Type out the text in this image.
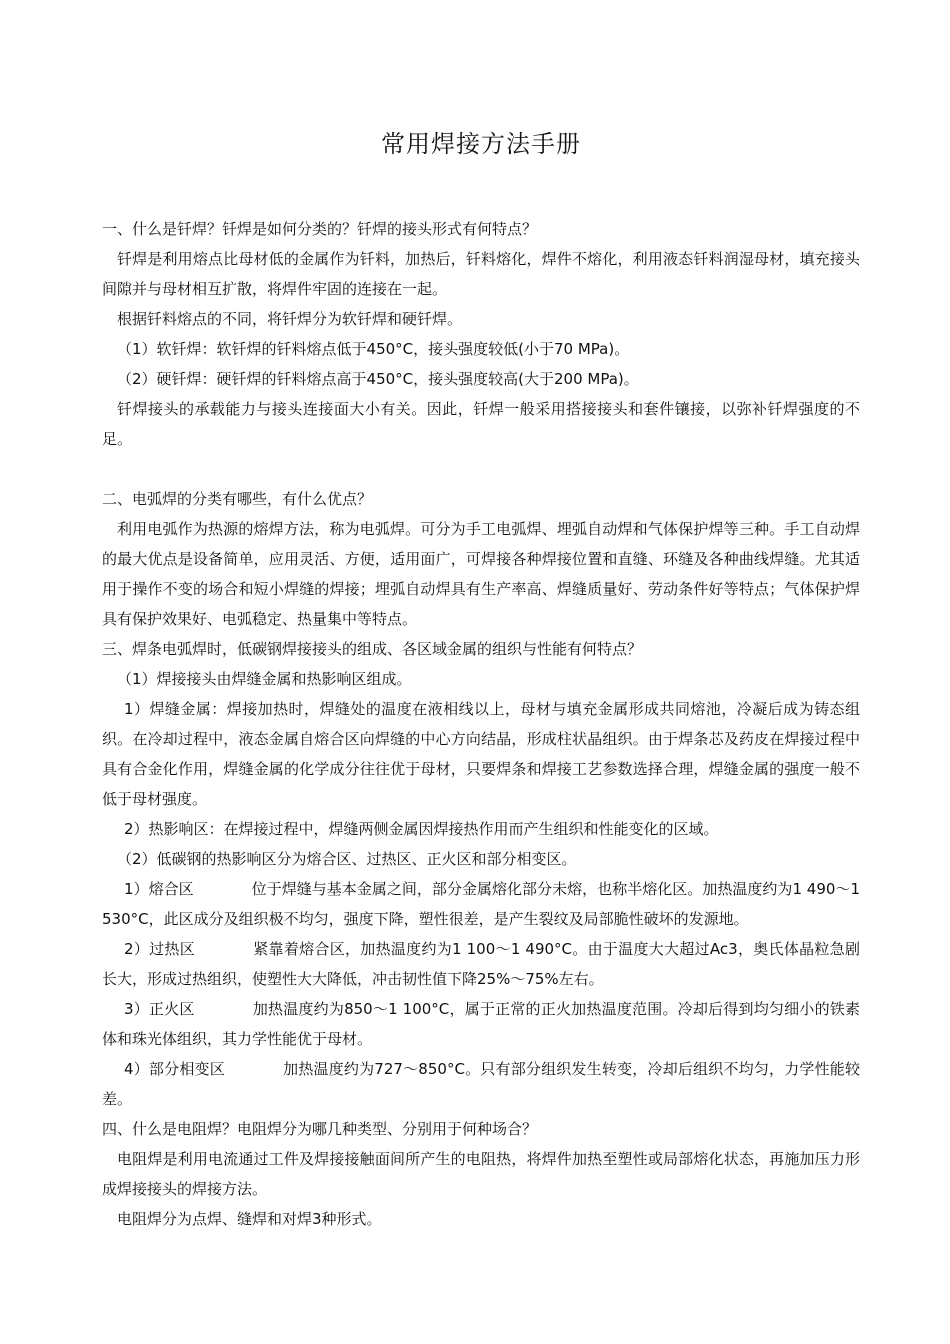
常用焊接方法手册

一、什么是钎焊？钎焊是如何分类的？钎焊的接头形式有何特点？

钎焊是利用熔点比母材低的金属作为钎料，加热后，钎料熔化，焊件不熔化，利用液态钎料润湿母材，填充接头间隙并与母材相互扩散，将焊件牢固的连接在一起。

根据钎料熔点的不同，将钎焊分为软钎焊和硬钎焊。

（1）软钎焊：软钎焊的钎料熔点低于450°C，接头强度较低(小于70 MPa)。

（2）硬钎焊：硬钎焊的钎料熔点高于450°C，接头强度较高(大于200 MPa)。

钎焊接头的承载能力与接头连接面大小有关。因此，钎焊一般采用搭接接头和套件镶接，以弥补钎焊强度的不足。

二、电弧焊的分类有哪些，有什么优点？

利用电弧作为热源的熔焊方法，称为电弧焊。可分为手工电弧焊、埋弧自动焊和气体保护焊等三种。手工自动焊的最大优点是设备简单，应用灵活、方便，适用面广，可焊接各种焊接位置和直缝、环缝及各种曲线焊缝。尤其适用于操作不变的场合和短小焊缝的焊接；埋弧自动焊具有生产率高、焊缝质量好、劳动条件好等特点；气体保护焊具有保护效果好、电弧稳定、热量集中等特点。

三、焊条电弧焊时，低碳钢焊接接头的组成、各区域金属的组织与性能有何特点？

（1）焊接接头由焊缝金属和热影响区组成。

1）焊缝金属：焊接加热时，焊缝处的温度在液相线以上，母材与填充金属形成共同熔池，冷凝后成为铸态组织。在冷却过程中，液态金属自熔合区向焊缝的中心方向结晶，形成柱状晶组织。由于焊条芯及药皮在焊接过程中具有合金化作用，焊缝金属的化学成分往往优于母材，只要焊条和焊接工艺参数选择合理，焊缝金属的强度一般不低于母材强度。

2）热影响区：在焊接过程中，焊缝两侧金属因焊接热作用而产生组织和性能变化的区域。

（2）低碳钢的热影响区分为熔合区、过热区、正火区和部分相变区。

1）熔合区	位于焊缝与基本金属之间，部分金属熔化部分未熔，也称半熔化区。加热温度约为1 490～1 530°C，此区成分及组织极不均匀，强度下降，塑性很差，是产生裂纹及局部脆性破坏的发源地。

2）过热区	紧靠着熔合区，加热温度约为1 100～1 490°C。由于温度大大超过Ac3，奥氏体晶粒急剧长大，形成过热组织，使塑性大大降低，冲击韧性值下降25%～75%左右。

3）正火区	加热温度约为850～1 100°C，属于正常的正火加热温度范围。冷却后得到均匀细小的铁素体和珠光体组织，其力学性能优于母材。

4）部分相变区	加热温度约为727～850°C。只有部分组织发生转变，冷却后组织不均匀，力学性能较差。

四、什么是电阻焊？电阻焊分为哪几种类型、分别用于何种场合？

电阻焊是利用电流通过工件及焊接接触面间所产生的电阻热，将焊件加热至塑性或局部熔化状态，再施加压力形成焊接接头的焊接方法。

电阻焊分为点焊、缝焊和对焊3种形式。
